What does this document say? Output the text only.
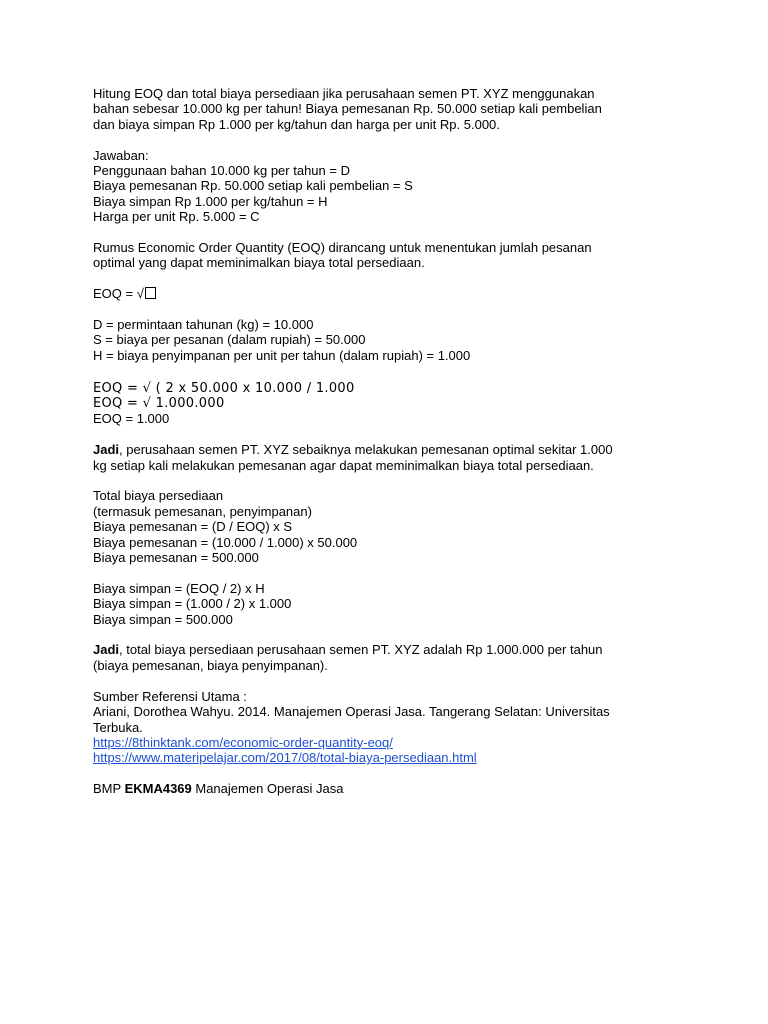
Hitung EOQ dan total biaya persediaan jika perusahaan semen PT. XYZ menggunakan
bahan sebesar 10.000 kg per tahun! Biaya pemesanan Rp. 50.000 setiap kali pembelian
dan biaya simpan Rp 1.000 per kg/tahun dan harga per unit Rp. 5.000.
Jawaban:
Penggunaan bahan 10.000 kg per tahun = D
Biaya pemesanan Rp. 50.000 setiap kali pembelian = S
Biaya simpan Rp 1.000 per kg/tahun = H
Harga per unit Rp. 5.000 = C
Rumus Economic Order Quantity (EOQ) dirancang untuk menentukan jumlah pesanan
optimal yang dapat meminimalkan biaya total persediaan.
EOQ = √
D = permintaan tahunan (kg) = 10.000
S = biaya per pesanan (dalam rupiah) = 50.000
H = biaya penyimpanan per unit per tahun (dalam rupiah) = 1.000
EOQ = √ ( 2 x 50.000 x 10.000 / 1.000
EOQ = √ 1.000.000
EOQ = 1.000
Jadi, perusahaan semen PT. XYZ sebaiknya melakukan pemesanan optimal sekitar 1.000
kg setiap kali melakukan pemesanan agar dapat meminimalkan biaya total persediaan.
Total biaya persediaan
(termasuk pemesanan, penyimpanan)
Biaya pemesanan = (D / EOQ) x S
Biaya pemesanan = (10.000 / 1.000) x 50.000
Biaya pemesanan = 500.000
Biaya simpan = (EOQ / 2) x H
Biaya simpan = (1.000 / 2) x 1.000
Biaya simpan = 500.000
Jadi, total biaya persediaan perusahaan semen PT. XYZ adalah Rp 1.000.000 per tahun
(biaya pemesanan, biaya penyimpanan).
Sumber Referensi Utama :
Ariani, Dorothea Wahyu. 2014. Manajemen Operasi Jasa. Tangerang Selatan: Universitas
Terbuka.
https://8thinktank.com/economic-order-quantity-eoq/
https://www.materipelajar.com/2017/08/total-biaya-persediaan.html
BMP EKMA4369 Manajemen Operasi Jasa
